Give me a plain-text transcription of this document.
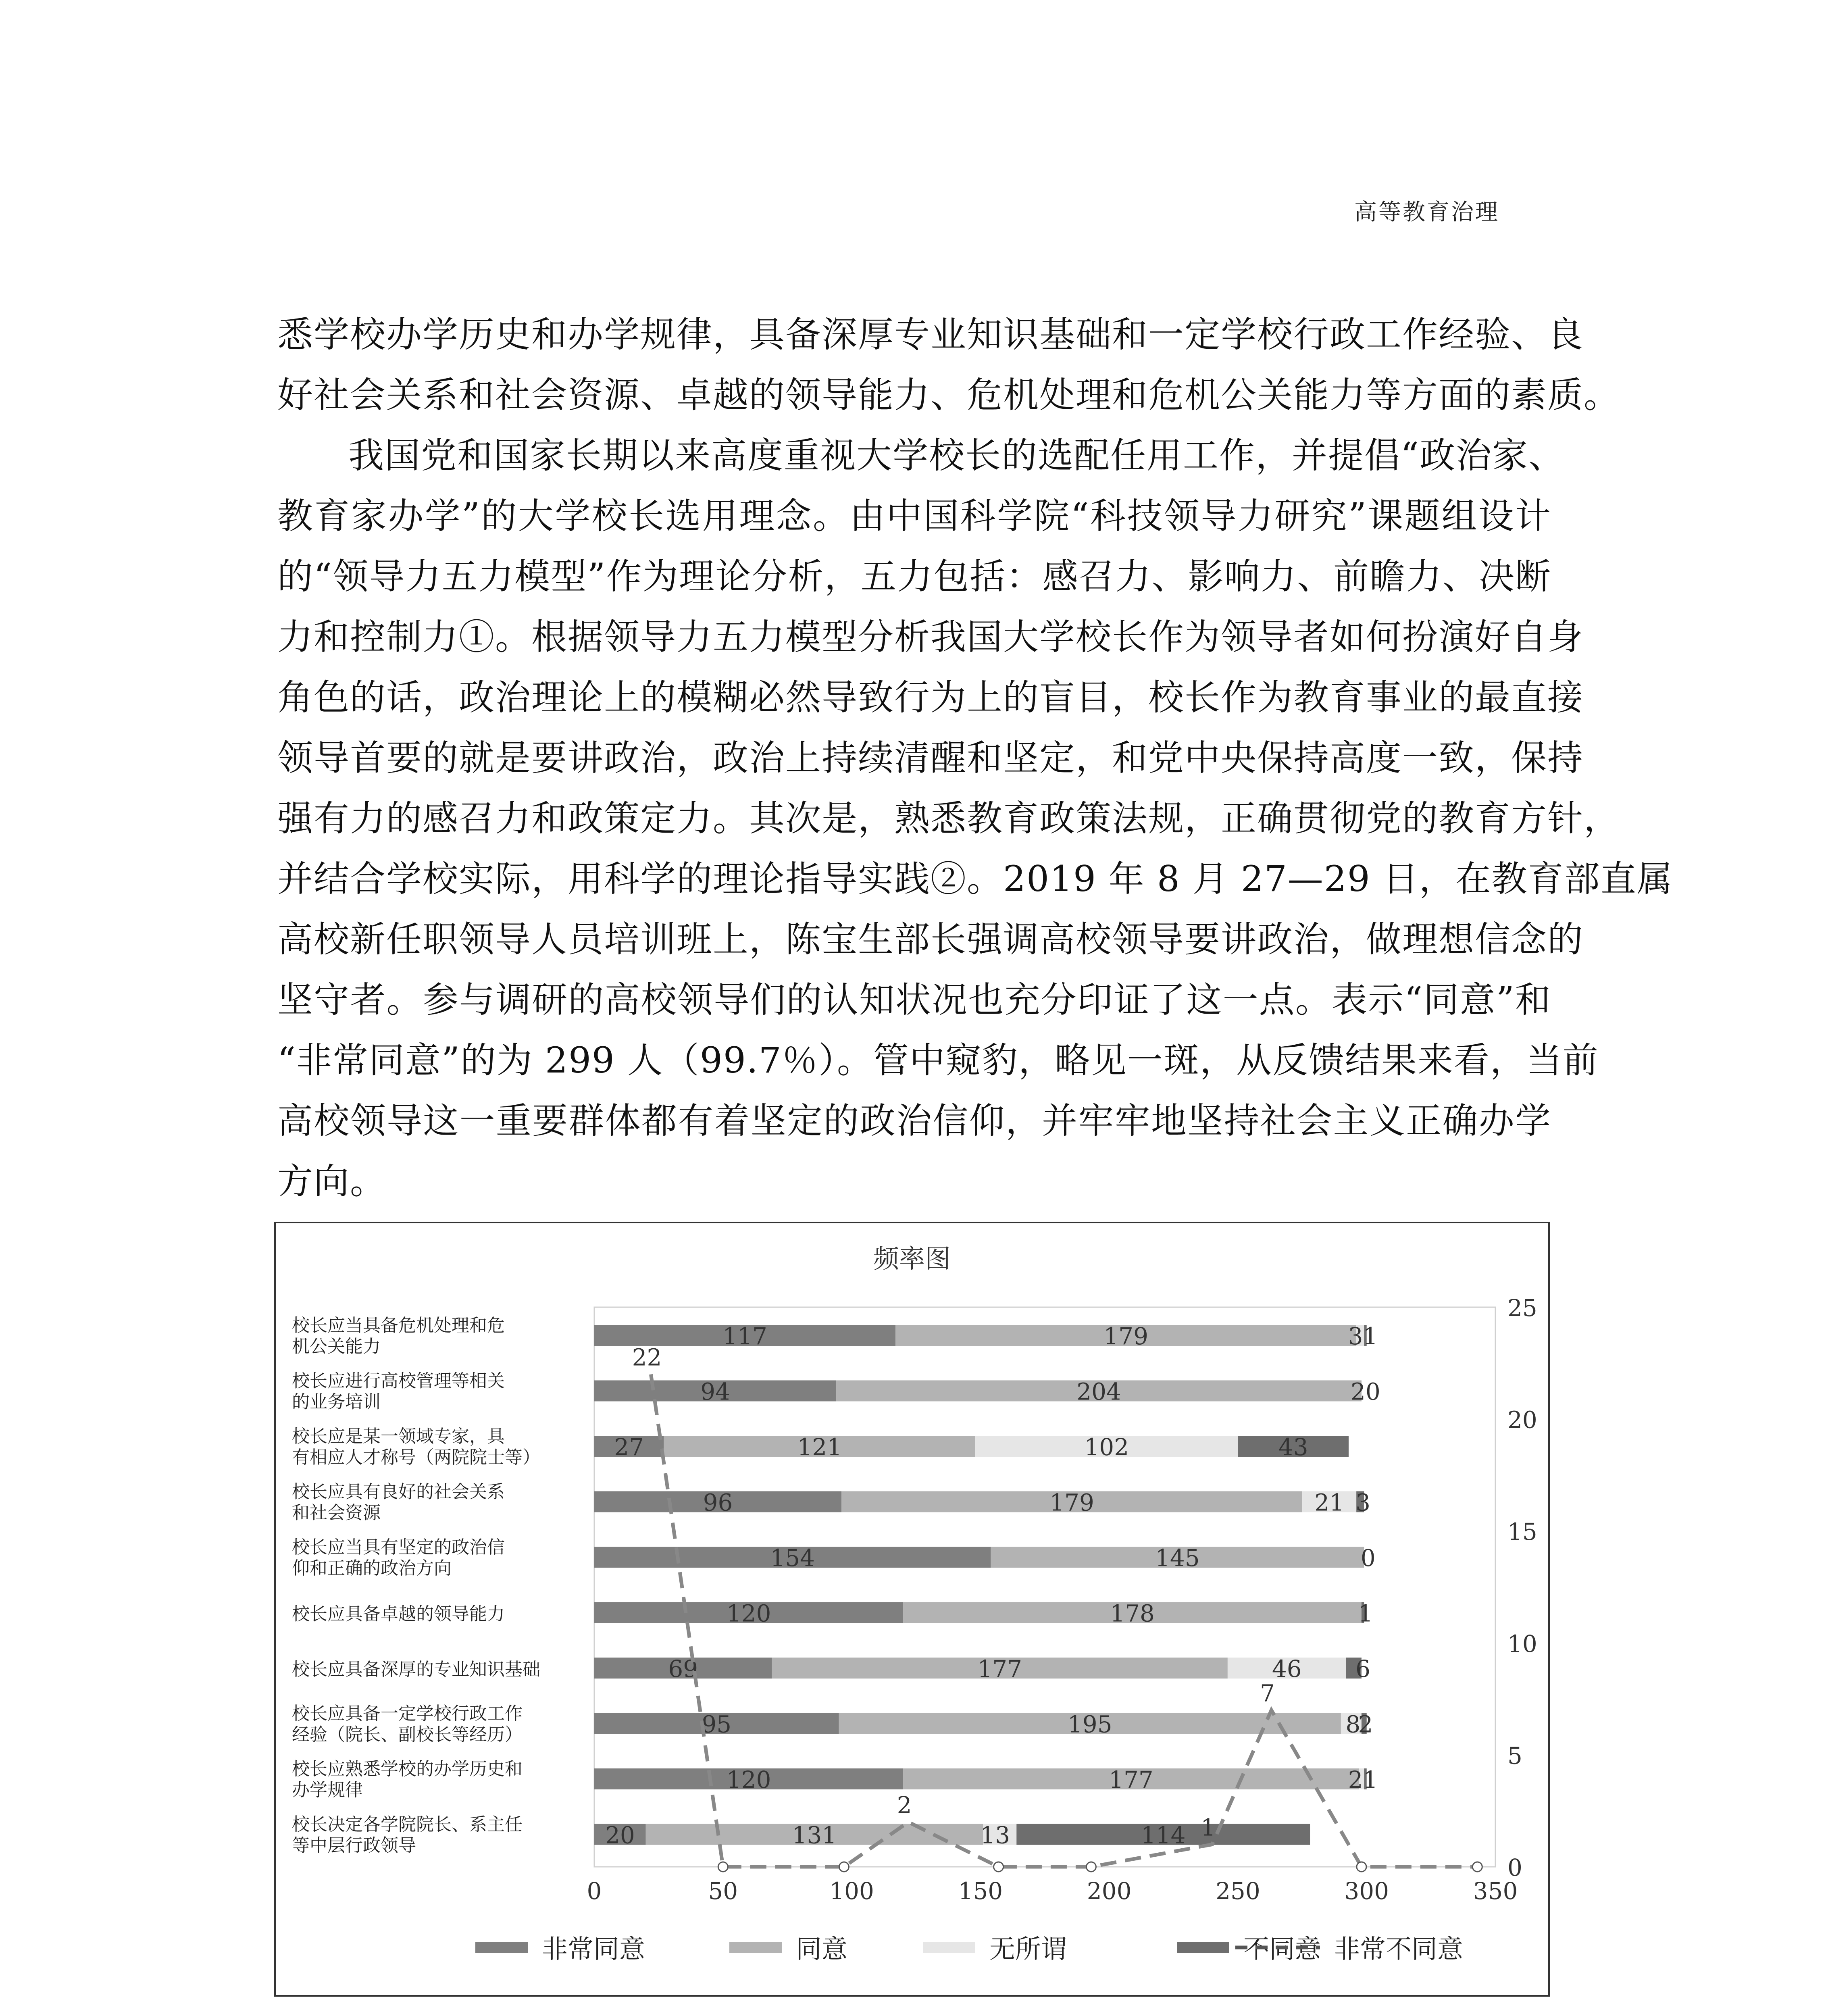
高等教育治理
悉学校办学历史和办学规律，具备深厚专业知识基础和一定学校行政工作经验、良
好社会关系和社会资源、卓越的领导能力、危机处理和危机公关能力等方面的素质。
我国党和国家长期以来高度重视大学校长的选配任用工作，并提倡“政治家、
教育家办学”的大学校长选用理念。由中国科学院“科技领导力研究”课题组设计
的“领导力五力模型”作为理论分析，五力包括：感召力、影响力、前瞻力、决断
力和控制力①。根据领导力五力模型分析我国大学校长作为领导者如何扮演好自身
角色的话，政治理论上的模糊必然导致行为上的盲目，校长作为教育事业的最直接
领导首要的就是要讲政治，政治上持续清醒和坚定，和党中央保持高度一致，保持
强有力的感召力和政策定力。其次是，熟悉教育政策法规，正确贯彻党的教育方针，
并结合学校实际，用科学的理论指导实践②。2019 年 8 月 27—29 日，在教育部直属
高校新任职领导人员培训班上，陈宝生部长强调高校领导要讲政治，做理想信念的
坚守者。参与调研的高校领导们的认知状况也充分印证了这一点。表示“同意”和
“非常同意”的为 299 人（99.7％）。管中窥豹，略见一斑，从反馈结果来看，当前
高校领导这一重要群体都有着坚定的政治信仰，并牢牢地坚持社会主义正确办学
方向。
频率图
校长应当具备危机处理和危
机公关能力	117	179	31
校长应进行高校管理等相关
的业务培训	94	204	20
校长应是某一领域专家，具
有相应人才称号（两院院士等）	27	121	102	43
校长应具有良好的社会关系
和社会资源	96	179	21 3
校长应当具有坚定的政治信
仰和正确的政治方向	154	145	0
校长应具备卓越的领导能力	120	178	1
校长应具备深厚的专业知识基础	69	177	46 6
校长应具备一定学校行政工作
经验（院长、副校长等经历）	95	195	8
2
校长应熟悉学校的办学历史和
办学规律	120	177	21
校长决定各学院院长、系主任
等中层行政领导	20	131	13	114
0	50	100	150	200	250	300	350
0
5
10
15
20
25
22
2
1
7
非常同意	同意	无所谓	不同意 非常不同意
